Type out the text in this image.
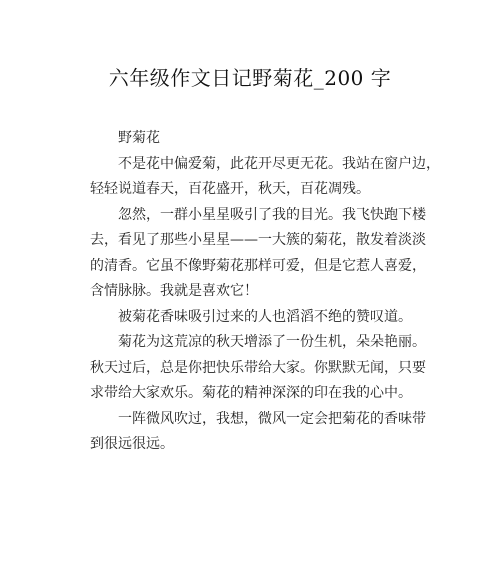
六年级作文日记野菊花_200 字
野菊花
不是花中偏爱菊，此花开尽更无花。我站在窗户边，
轻轻说道春天，百花盛开，秋天，百花凋残。
忽然，一群小星星吸引了我的目光。我飞快跑下楼
去，看见了那些小星星——一大簇的菊花，散发着淡淡
的清香。它虽不像野菊花那样可爱，但是它惹人喜爱，
含情脉脉。我就是喜欢它！
被菊花香味吸引过来的人也滔滔不绝的赞叹道。
菊花为这荒凉的秋天增添了一份生机，朵朵艳丽。
秋天过后，总是你把快乐带给大家。你默默无闻，只要
求带给大家欢乐。菊花的精神深深的印在我的心中。
一阵微风吹过，我想，微风一定会把菊花的香味带
到很远很远。
